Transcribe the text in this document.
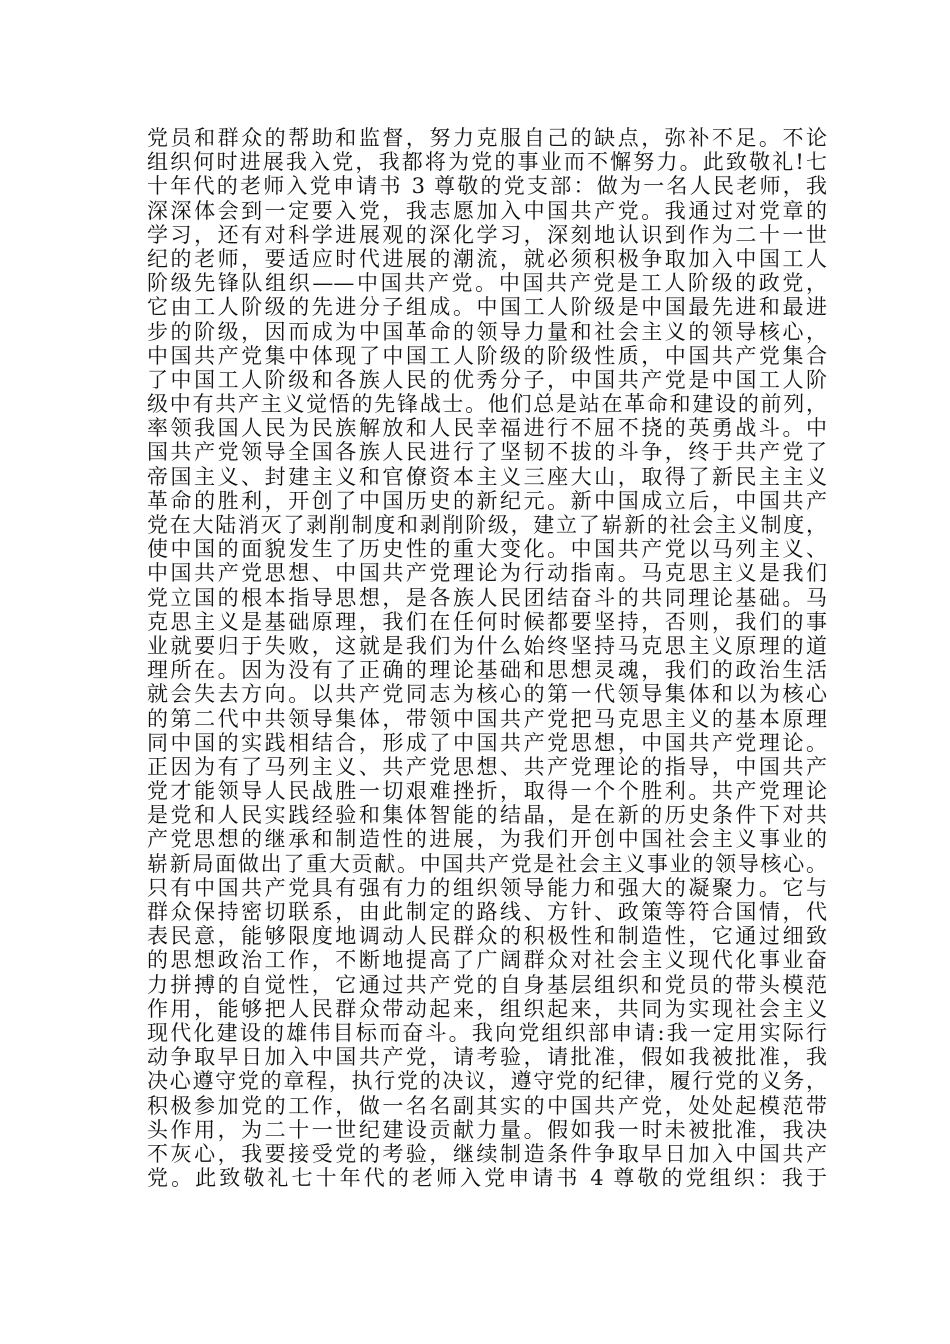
党员和群众的帮助和监督，努力克服自己的缺点，弥补不足。不论
组织何时进展我入党，我都将为党的事业而不懈努力。此致敬礼!七
十年代的老师入党申请书 3 尊敬的党支部：做为一名人民老师，我
深深体会到一定要入党，我志愿加入中国共产党。我通过对党章的
学习，还有对科学进展观的深化学习，深刻地认识到作为二十一世
纪的老师，要适应时代进展的潮流，就必须积极争取加入中国工人
阶级先锋队组织——中国共产党。中国共产党是工人阶级的政党，
它由工人阶级的先进分子组成。中国工人阶级是中国最先进和最进
步的阶级，因而成为中国革命的领导力量和社会主义的领导核心，
中国共产党集中体现了中国工人阶级的阶级性质，中国共产党集合
了中国工人阶级和各族人民的优秀分子，中国共产党是中国工人阶
级中有共产主义觉悟的先锋战士。他们总是站在革命和建设的前列，
率领我国人民为民族解放和人民幸福进行不屈不挠的英勇战斗。中
国共产党领导全国各族人民进行了坚韧不拔的斗争，终于共产党了
帝国主义、封建主义和官僚资本主义三座大山，取得了新民主主义
革命的胜利，开创了中国历史的新纪元。新中国成立后，中国共产
党在大陆消灭了剥削制度和剥削阶级，建立了崭新的社会主义制度，
使中国的面貌发生了历史性的重大变化。中国共产党以马列主义、
中国共产党思想、中国共产党理论为行动指南。马克思主义是我们
党立国的根本指导思想，是各族人民团结奋斗的共同理论基础。马
克思主义是基础原理，我们在任何时候都要坚持，否则，我们的事
业就要归于失败，这就是我们为什么始终坚持马克思主义原理的道
理所在。因为没有了正确的理论基础和思想灵魂，我们的政治生活
就会失去方向。以共产党同志为核心的第一代领导集体和以为核心
的第二代中共领导集体，带领中国共产党把马克思主义的基本原理
同中国的实践相结合，形成了中国共产党思想，中国共产党理论。
正因为有了马列主义、共产党思想、共产党理论的指导，中国共产
党才能领导人民战胜一切艰难挫折，取得一个个胜利。共产党理论
是党和人民实践经验和集体智能的结晶，是在新的历史条件下对共
产党思想的继承和制造性的进展，为我们开创中国社会主义事业的
崭新局面做出了重大贡献。中国共产党是社会主义事业的领导核心。
只有中国共产党具有强有力的组织领导能力和强大的凝聚力。它与
群众保持密切联系，由此制定的路线、方针、政策等符合国情，代
表民意，能够限度地调动人民群众的积极性和制造性，它通过细致
的思想政治工作，不断地提高了广阔群众对社会主义现代化事业奋
力拼搏的自觉性，它通过共产党的自身基层组织和党员的带头模范
作用，能够把人民群众带动起来，组织起来，共同为实现社会主义
现代化建设的雄伟目标而奋斗。我向党组织部申请:我一定用实际行
动争取早日加入中国共产党，请考验，请批准，假如我被批准，我
决心遵守党的章程，执行党的决议，遵守党的纪律，履行党的义务，
积极参加党的工作，做一名名副其实的中国共产党，处处起模范带
头作用，为二十一世纪建设贡献力量。假如我一时未被批准，我决
不灰心，我要接受党的考验，继续制造条件争取早日加入中国共产
党。此致敬礼七十年代的老师入党申请书 4 尊敬的党组织：我于
